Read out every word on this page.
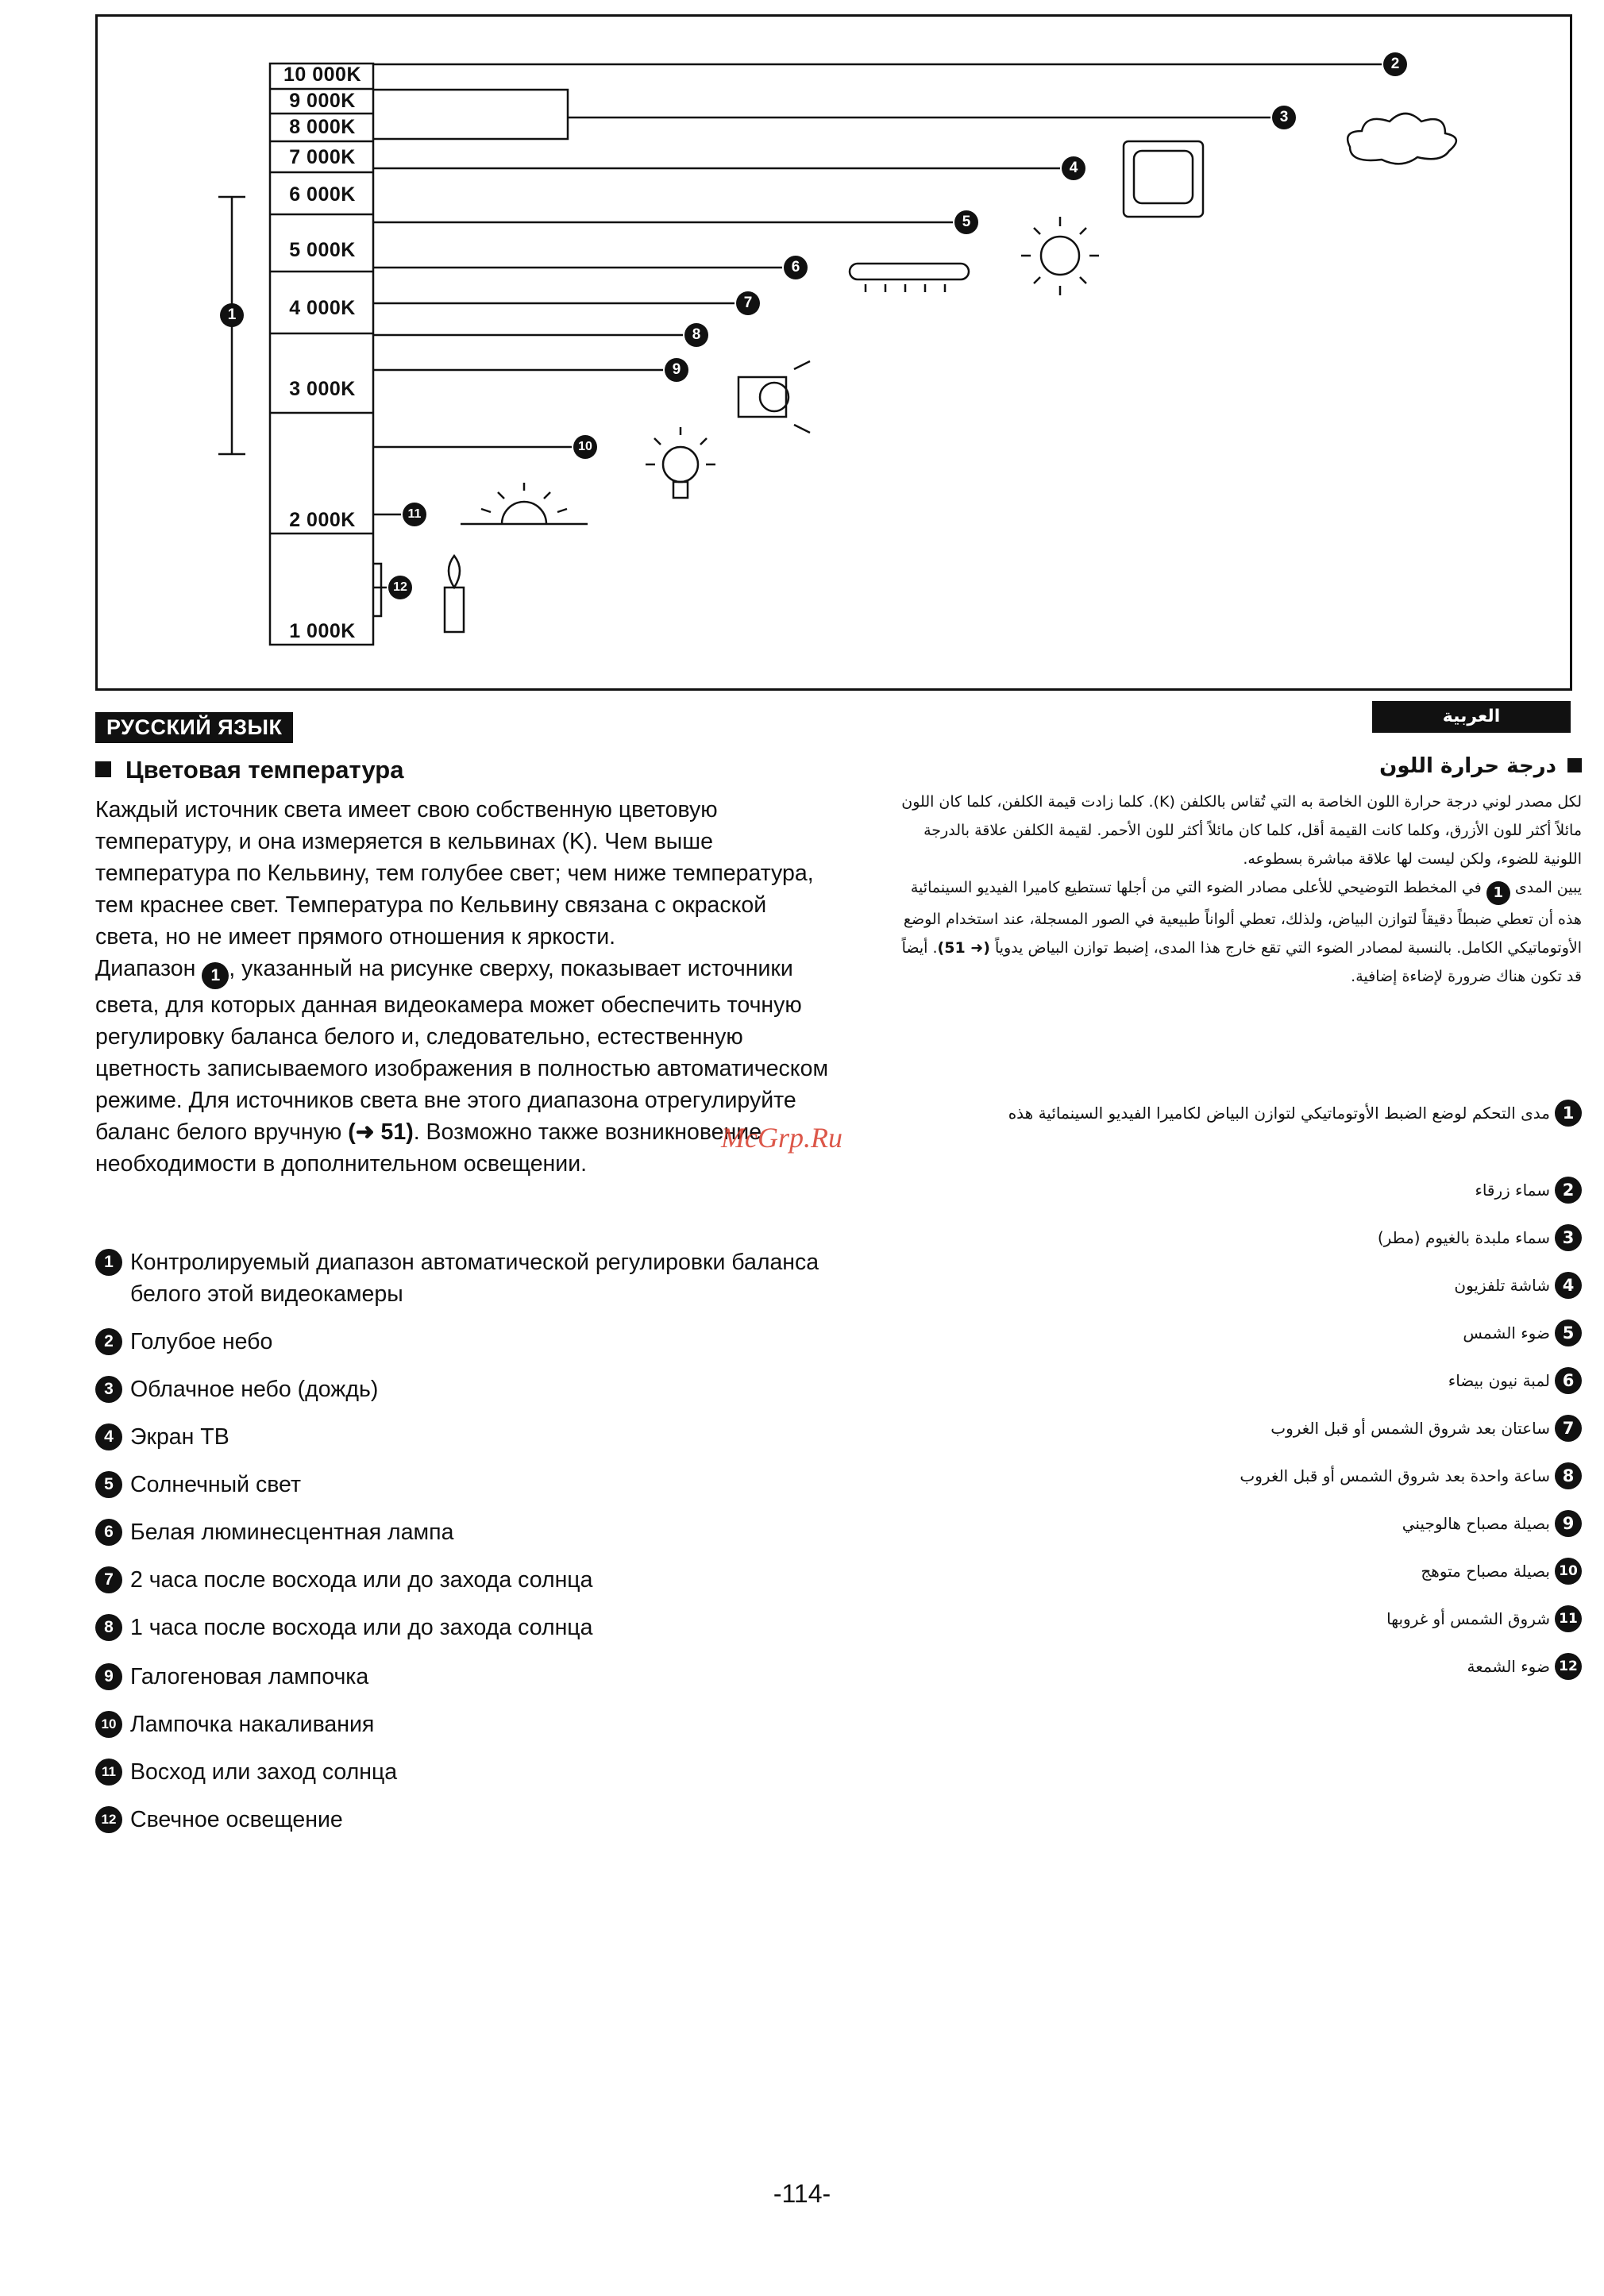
10 000K
9 000K
8 000K
7 000K
6 000K
5 000K
4 000K
3 000K
2 000K
1 000K
1
2
3
4
5
6
7
8
9
10
11
12
РУССКИЙ ЯЗЫК	العربية
Цветовая температура

Каждый источник света имеет свою собственную цветовую температуру, и она измеряется в кельвинах (K). Чем выше температура по Кельвину, тем голубее свет; чем ниже температура, тем краснее свет. Температура по Кельвину связана с окраской света, но не имеет прямого отношения к яркости.

Диапазон 1 , указанный на рисунке сверху, показывает источники света, для которых данная видеокамера может обеспечить точную регулировку баланса белого и, следовательно, естественную цветность записываемого изображения в полностью автоматическом режиме. Для источников света вне этого диапазона отрегулируйте баланс белого вручную (➜ 51). Возможно также возникновение необходимости в дополнительном освещении.

McGrp.Ru
1 Контролируемый диапазон автоматической регулировки баланса белого этой видеокамеры
2 Голубое небо
3 Облачное небо (дождь)
4 Экран ТВ
5 Солнечный свет
6 Белая люминесцентная лампа
7 2 часа после восхода или до захода солнца
8 1 часа после восхода или до захода солнца
9 Галогеновая лампочка
10 Лампочка накаливания
11 Восход или заход солнца
12 Свечное освещение
درجة حرارة اللون

لكل مصدر لوني درجة حرارة اللون الخاصة به التي تُقاس بالكلفن (K). كلما زادت قيمة الكلفن، كلما كان اللون مائلاً أكثر للون الأزرق، وكلما كانت القيمة أقل، كلما كان مائلاً أكثر للون الأحمر. لقيمة الكلفن علاقة بالدرجة اللونية للضوء، ولكن ليست لها علاقة مباشرة بسطوعه.

يبين المدى 1 في المخطط التوضيحي للأعلى مصادر الضوء التي من أجلها تستطيع كاميرا الفيديو السينمائية هذه أن تعطي ضبطاً دقيقاً لتوازن البياض، ولذلك، تعطي ألواناً طبيعية في الصور المسجلة، عند استخدام الوضع الأوتوماتيكي الكامل. بالنسبة لمصادر الضوء التي تقع خارج هذا المدى، إضبط توازن البياض يدوياً (➜ 51). أيضاً قد تكون هناك ضرورة لإضاءة إضافية.

1
مدى التحكم لوضع الضبط الأوتوماتيكي لتوازن البياض لكاميرا الفيديو السينمائية هذه
2
سماء زرقاء
3
سماء ملبدة بالغيوم (مطر)
4
شاشة تلفزيون
5
ضوء الشمس
6
لمبة نيون بيضاء
7
ساعتان بعد شروق الشمس أو قبل الغروب
8
ساعة واحدة بعد شروق الشمس أو قبل الغروب
9
بصيلة مصباح هالوجيني
10
بصيلة مصباح متوهج
11
شروق الشمس أو غروبها
12
ضوء الشمعة
-114-
